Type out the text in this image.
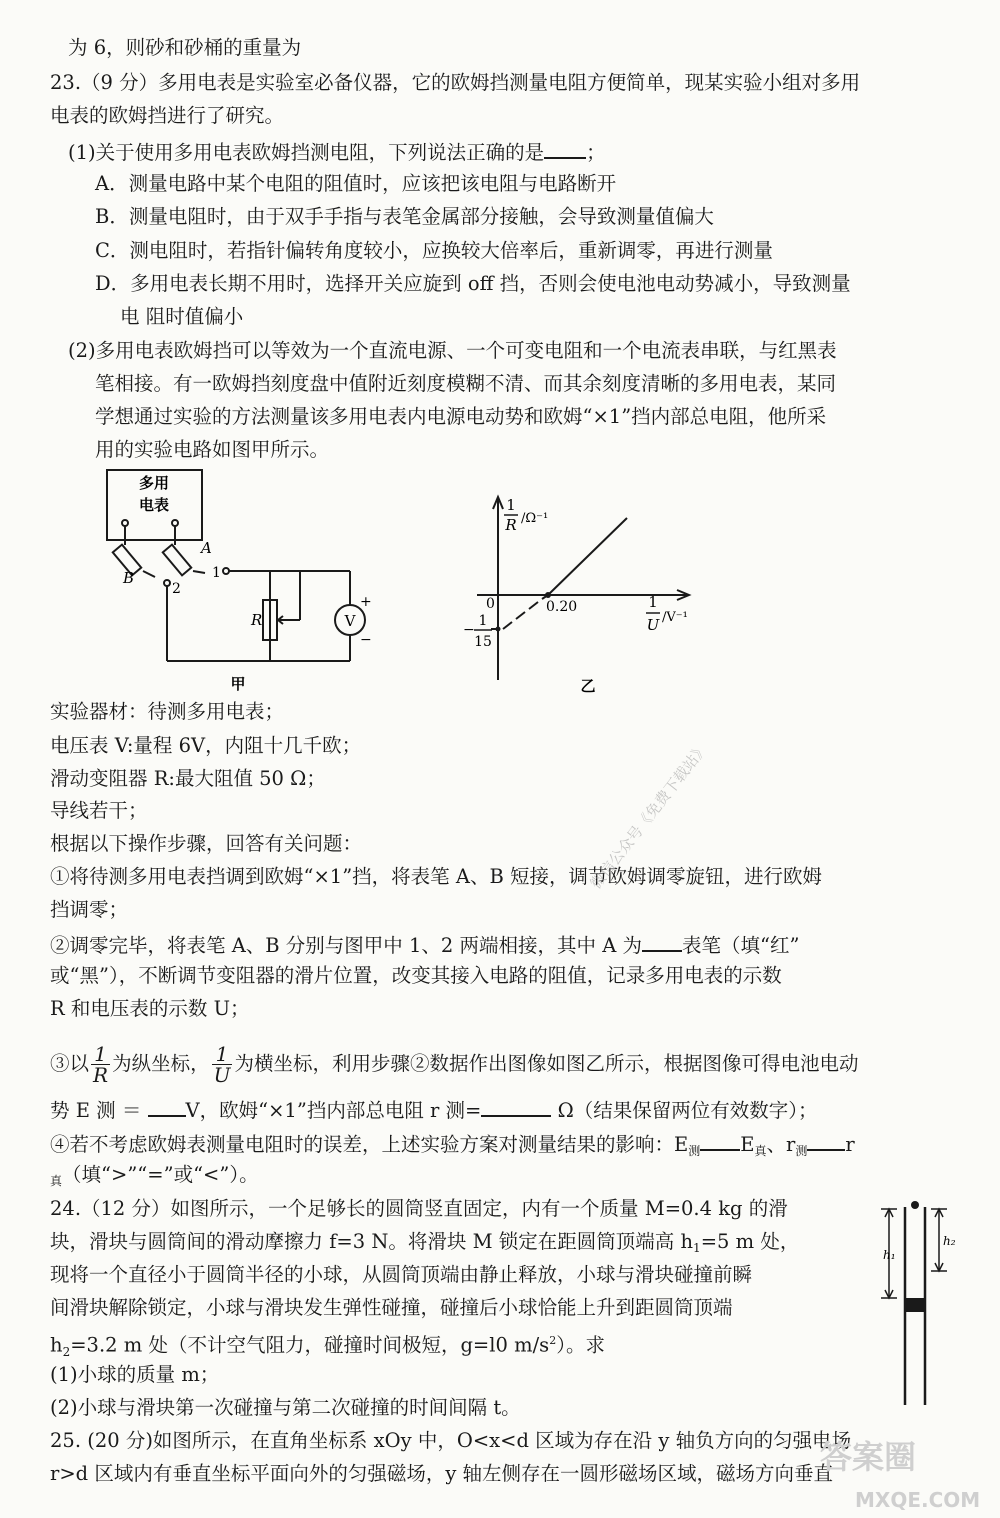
为 6，则砂和砂桶的重量为
23.（9 分）多用电表是实验室必备仪器，它的欧姆挡测量电阻方便简单，现某实验小组对多用
电表的欧姆挡进行了研究。
(1)关于使用多用电表欧姆挡测电阻，下列说法正确的是 ；
A．测量电路中某个电阻的阻值时，应该把该电阻与电路断开
B．测量电阻时，由于双手手指与表笔金属部分接触，会导致测量值偏大
C．测电阻时，若指针偏转角度较小，应换较大倍率后，重新调零，再进行测量
D．多用电表长期不用时，选择开关应旋到 off 挡，否则会使电池电动势减小，导致测量
电 阻时值偏小
(2)多用电表欧姆挡可以等效为一个直流电源、一个可变电阻和一个电流表串联，与红黑表
笔相接。有一欧姆挡刻度盘中值附近刻度模糊不清、而其余刻度清晰的多用电表，某同
学想通过实验的方法测量该多用电表内电源电动势和欧姆“×1”挡内部总电阻，他所采
用的实验电路如图甲所示。
多用
电表
A
B	1
2
R	V
+
−
甲
1
R /Ω⁻¹
1
U /V⁻¹
0	0.20
−
1
15
乙
实验器材：待测多用电表；
电压表 V:量程 6V，内阻十几千欧；
滑动变阻器 R:最大阻值 50 Ω；
导线若干；
根据以下操作步骤，回答有关问题：
①将待测多用电表挡调到欧姆“×1”挡，将表笔 A、B 短接，调节欧姆调零旋钮，进行欧姆
挡调零；
②调零完毕，将表笔 A、B 分别与图甲中 1、2 两端相接，其中 A 为 表笔（填“红”
或“黑”），不断调节变阻器的滑片位置，改变其接入电路的阻值，记录多用电表的示数
R 和电压表的示数 U；
③以 $\frac{1}{R}$ 为纵坐标， $\frac{1}{U}$ 为横坐标，利用步骤②数据作出图像如图乙所示，根据图像可得电池电动
势 E 测 ＝ V，欧姆“×1”挡内部总电阻 r 测=	Ω（结果保留两位有效数字）；
④若不考虑欧姆表测量电阻时的误差，上述实验方案对测量结果的影响：$E_测$ $E_真$、$r_测$ r
$_真$（填“>”“=”或“<”）。
24.（12 分）如图所示，一个足够长的圆筒竖直固定，内有一个质量 M=0.4 kg 的滑
块，滑块与圆筒间的滑动摩擦力 f=3 N。将滑块 M 锁定在距圆筒顶端高 $h_1=5$ m 处，
现将一个直径小于圆筒半径的小球，从圆筒顶端由静止释放，小球与滑块碰撞前瞬
间滑块解除锁定，小球与滑块发生弹性碰撞，碰撞后小球恰能上升到距圆筒顶端
$h_2=3.2$ m 处（不计空气阻力，碰撞时间极短，g=l0 $m/s^2$）。求
(1)小球的质量 m；
(2)小球与滑块第一次碰撞与第二次碰撞的时间间隔 t。
25. (20 分)如图所示，在直角坐标系 xOy 中，O<x<d 区域为存在沿 y 轴负方向的匀强电场
r>d 区域内有垂直坐标平面向外的匀强磁场，y 轴左侧存在一圆形磁场区域，磁场方向垂直
h₁
h₂
微信公众号《免费下载站》
答案圈
MXQE.COM
